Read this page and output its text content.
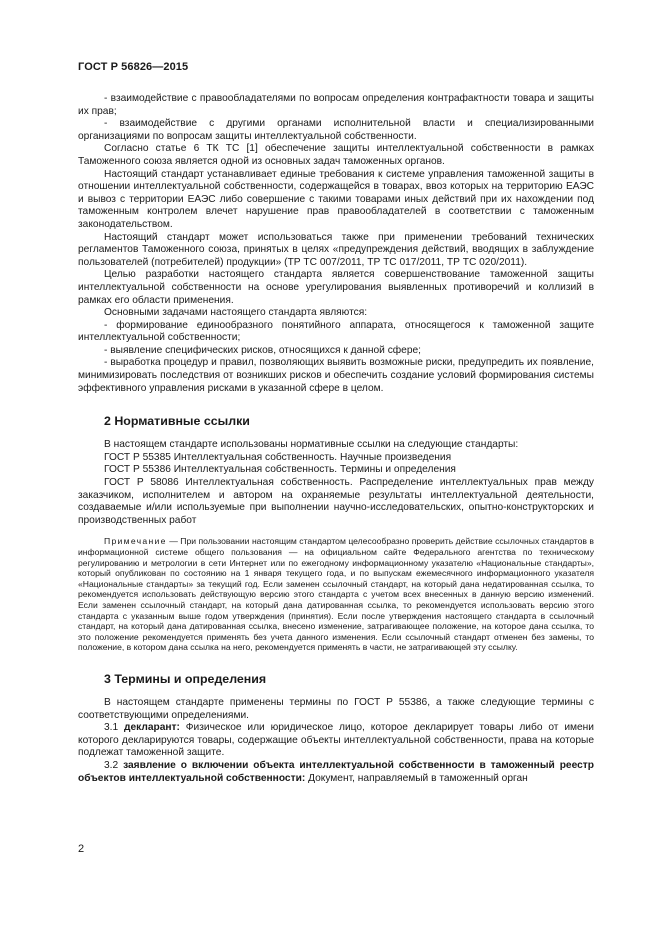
ГОСТ Р 56826—2015

- взаимодействие с правообладателями по вопросам определения контрафактности товара и защиты их прав;

- взаимодействие с другими органами исполнительной власти и специализированными организациями по вопросам защиты интеллектуальной собственности.

Согласно статье 6 ТК ТС [1] обеспечение защиты интеллектуальной собственности в рамках Таможенного союза является одной из основных задач таможенных органов.

Настоящий стандарт устанавливает единые требования к системе управления таможенной защиты в отношении интеллектуальной собственности, содержащейся в товарах, ввоз которых на территорию ЕАЭС и вывоз с территории ЕАЭС либо совершение с такими товарами иных действий при их нахождении под таможенным контролем влечет нарушение прав правообладателей в соответствии с таможенным законодательством.

Настоящий стандарт может использоваться также при применении требований технических регламентов Таможенного союза, принятых в целях «предупреждения действий, вводящих в заблуждение пользователей (потребителей) продукции» (ТР ТС 007/2011, ТР ТС 017/2011, ТР ТС 020/2011).

Целью разработки настоящего стандарта является совершенствование таможенной защиты интеллектуальной собственности на основе урегулирования выявленных противоречий и коллизий в рамках его области применения.

Основными задачами настоящего стандарта являются:

- формирование единообразного понятийного аппарата, относящегося к таможенной защите интеллектуальной собственности;

- выявление специфических рисков, относящихся к данной сфере;

- выработка процедур и правил, позволяющих выявить возможные риски, предупредить их появление, минимизировать последствия от возникших рисков и обеспечить создание условий формирования системы эффективного управления рисками в указанной сфере в целом.

2 Нормативные ссылки

В настоящем стандарте использованы нормативные ссылки на следующие стандарты:

ГОСТ Р 55385 Интеллектуальная собственность. Научные произведения

ГОСТ Р 55386 Интеллектуальная собственность. Термины и определения

ГОСТ Р 58086 Интеллектуальная собственность. Распределение интеллектуальных прав между заказчиком, исполнителем и автором на охраняемые результаты интеллектуальной деятельности, создаваемые и/или используемые при выполнении научно-исследовательских, опытно-конструкторских и производственных работ

Примечание — При пользовании настоящим стандартом целесообразно проверить действие ссылочных стандартов в информационной системе общего пользования — на официальном сайте Федерального агентства по техническому регулированию и метрологии в сети Интернет или по ежегодному информационному указателю «Национальные стандарты», который опубликован по состоянию на 1 января текущего года, и по выпускам ежемесячного информационного указателя «Национальные стандарты» за текущий год. Если заменен ссылочный стандарт, на который дана недатированная ссылка, то рекомендуется использовать действующую версию этого стандарта с учетом всех внесенных в данную версию изменений. Если заменен ссылочный стандарт, на который дана датированная ссылка, то рекомендуется использовать версию этого стандарта с указанным выше годом утверждения (принятия). Если после утверждения настоящего стандарта в ссылочный стандарт, на который дана датированная ссылка, внесено изменение, затрагивающее положение, на которое дана ссылка, то это положение рекомендуется применять без учета данного изменения. Если ссылочный стандарт отменен без замены, то положение, в котором дана ссылка на него, рекомендуется применять в части, не затрагивающей эту ссылку.

3 Термины и определения

В настоящем стандарте применены термины по ГОСТ Р 55386, а также следующие термины с соответствующими определениями.

3.1 декларант: Физическое или юридическое лицо, которое декларирует товары либо от имени которого декларируются товары, содержащие объекты интеллектуальной собственности, права на которые подлежат таможенной защите.

3.2 заявление о включении объекта интеллектуальной собственности в таможенный реестр объектов интеллектуальной собственности: Документ, направляемый в таможенный орган

2
